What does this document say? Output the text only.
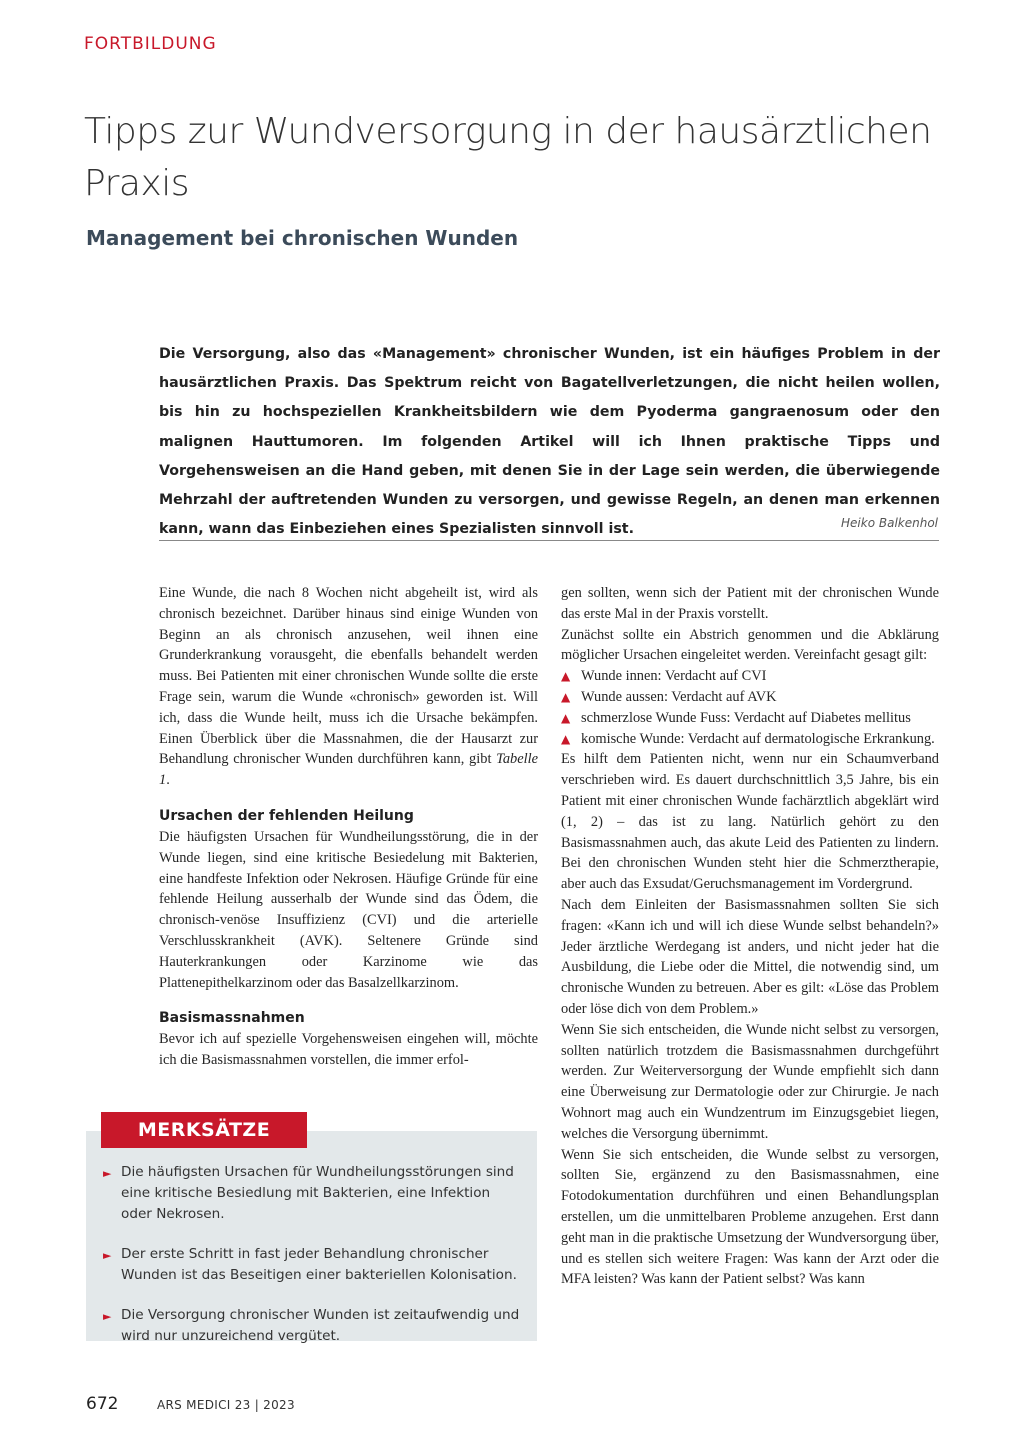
FORTBILDUNG
Tipps zur Wundversorgung in der hausärztlichen Praxis
Management bei chronischen Wunden

Die Versorgung, also das «Management» chronischer Wunden, ist ein häufiges Problem in der hausärztlichen Praxis. Das Spektrum reicht von Bagatellverletzungen, die nicht heilen wollen, bis hin zu hochspeziellen Krankheitsbildern wie dem Pyoderma gangraenosum oder den malignen Hauttumoren. Im folgenden Artikel will ich Ihnen praktische Tipps und Vorgehensweisen an die Hand geben, mit denen Sie in der Lage sein werden, die überwiegende Mehrzahl der auftretenden Wunden zu versorgen, und gewisse Regeln, an denen man erkennen kann, wann das Einbeziehen eines Spezialisten sinnvoll ist.	Heiko Balkenhol

Eine Wunde, die nach 8 Wochen nicht abgeheilt ist, wird als chronisch bezeichnet. Darüber hinaus sind einige Wunden von Beginn an als chronisch anzusehen, weil ihnen eine Grunderkrankung vorausgeht, die ebenfalls behandelt werden muss. Bei Patienten mit einer chronischen Wunde sollte die erste Frage sein, warum die Wunde «chronisch» geworden ist. Will ich, dass die Wunde heilt, muss ich die Ursache bekämpfen. Einen Überblick über die Massnahmen, die der Hausarzt zur Behandlung chronischer Wunden durchführen kann, gibt Tabelle 1.

Ursachen der fehlenden Heilung

Die häufigsten Ursachen für Wundheilungsstörung, die in der Wunde liegen, sind eine kritische Besiedelung mit Bakterien, eine handfeste Infektion oder Nekrosen. Häufige Gründe für eine fehlende Heilung ausserhalb der Wunde sind das Ödem, die chronisch-venöse Insuffizienz (CVI) und die arterielle Verschlusskrankheit (AVK). Seltenere Gründe sind Hauterkrankungen oder Karzinome wie das Plattenepithelkarzinom oder das Basalzellkarzinom.

Basismassnahmen

Bevor ich auf spezielle Vorgehensweisen eingehen will, möchte ich die Basismassnahmen vorstellen, die immer erfol-

gen sollten, wenn sich der Patient mit der chronischen Wunde das erste Mal in der Praxis vorstellt.

Zunächst sollte ein Abstrich genommen und die Abklärung möglicher Ursachen eingeleitet werden. Vereinfacht gesagt gilt:

▲ Wunde innen: Verdacht auf CVI
▲ Wunde aussen: Verdacht auf AVK
▲ schmerzlose Wunde Fuss: Verdacht auf Diabetes mellitus
▲ komische Wunde: Verdacht auf dermatologische Erkrankung.

Es hilft dem Patienten nicht, wenn nur ein Schaumverband verschrieben wird. Es dauert durchschnittlich 3,5 Jahre, bis ein Patient mit einer chronischen Wunde fachärztlich abgeklärt wird (1, 2) – das ist zu lang. Natürlich gehört zu den Basismassnahmen auch, das akute Leid des Patienten zu lindern. Bei den chronischen Wunden steht hier die Schmerztherapie, aber auch das Exsudat/Geruchsmanagement im Vordergrund.

Nach dem Einleiten der Basismassnahmen sollten Sie sich fragen: «Kann ich und will ich diese Wunde selbst behandeln?» Jeder ärztliche Werdegang ist anders, und nicht jeder hat die Ausbildung, die Liebe oder die Mittel, die notwendig sind, um chronische Wunden zu betreuen. Aber es gilt: «Löse das Problem oder löse dich von dem Problem.»

Wenn Sie sich entscheiden, die Wunde nicht selbst zu versorgen, sollten natürlich trotzdem die Basismassnahmen durchgeführt werden. Zur Weiterversorgung der Wunde empfiehlt sich dann eine Überweisung zur Dermatologie oder zur Chirurgie. Je nach Wohnort mag auch ein Wundzentrum im Einzugsgebiet liegen, welches die Versorgung übernimmt.

Wenn Sie sich entscheiden, die Wunde selbst zu versorgen, sollten Sie, ergänzend zu den Basismassnahmen, eine Fotodokumentation durchführen und einen Behandlungsplan erstellen, um die unmittelbaren Probleme anzugehen. Erst dann geht man in die praktische Umsetzung der Wundversorgung über, und es stellen sich weitere Fragen: Was kann der Arzt oder die MFA leisten? Was kann der Patient selbst? Was kann

MERKSÄTZE
► Die häufigsten Ursachen für Wundheilungsstörungen sind eine kritische Besiedlung mit Bakterien, eine Infektion oder Nekrosen.
► Der erste Schritt in fast jeder Behandlung chronischer Wunden ist das Beseitigen einer bakteriellen Kolonisation.
► Die Versorgung chronischer Wunden ist zeitaufwendig und wird nur unzureichend vergütet.
672	ARS MEDICI 23 | 2023
